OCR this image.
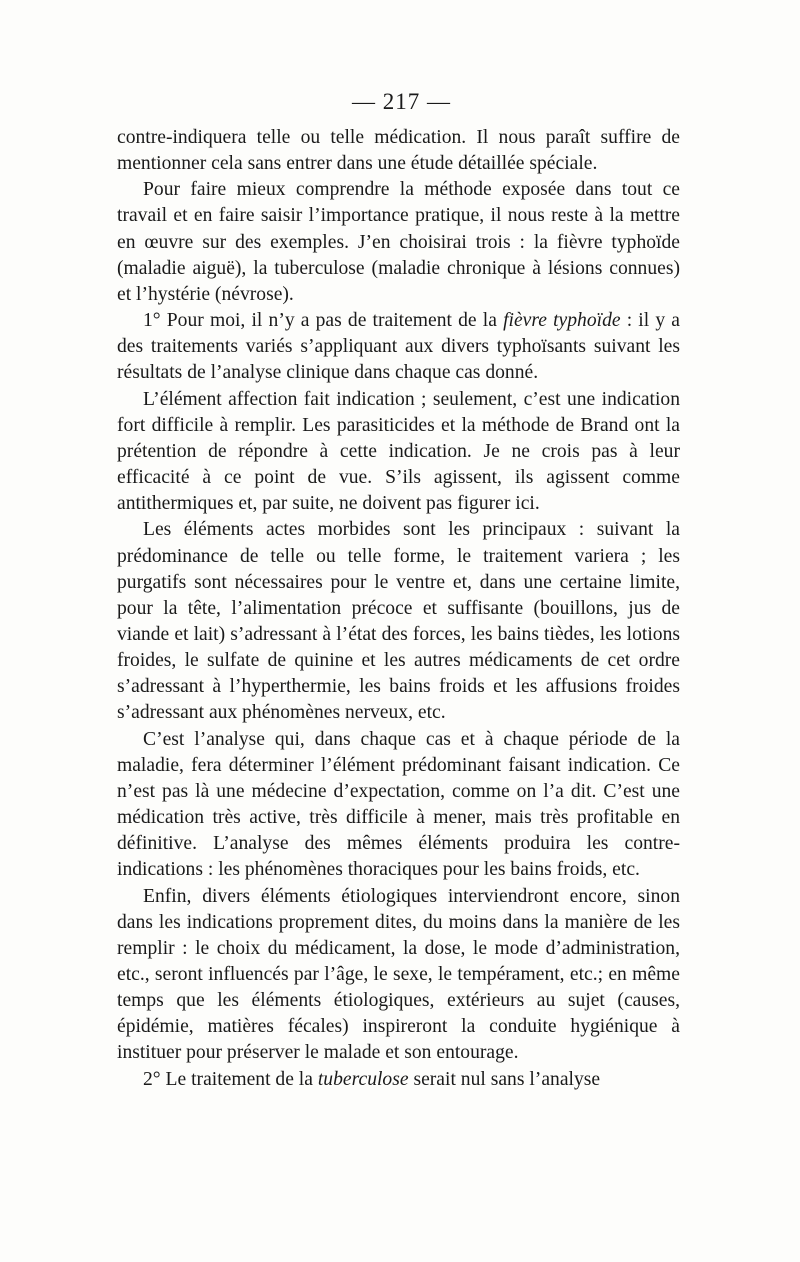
— 217 —

contre-indiquera telle ou telle médication. Il nous paraît suffire de mentionner cela sans entrer dans une étude détaillée spéciale.

Pour faire mieux comprendre la méthode exposée dans tout ce travail et en faire saisir l’importance pratique, il nous reste à la mettre en œuvre sur des exemples. J’en choisirai trois : la fièvre typhoïde (maladie aiguë), la tuberculose (maladie chronique à lésions connues) et l’hystérie (névrose).

1° Pour moi, il n’y a pas de traitement de la fièvre typhoïde : il y a des traitements variés s’appliquant aux divers typhoïsants suivant les résultats de l’analyse clinique dans chaque cas donné.

L’élément affection fait indication ; seulement, c’est une indication fort difficile à remplir. Les parasiticides et la méthode de Brand ont la prétention de répondre à cette indication. Je ne crois pas à leur efficacité à ce point de vue. S’ils agissent, ils agissent comme antithermiques et, par suite, ne doivent pas figurer ici.

Les éléments actes morbides sont les principaux : suivant la prédominance de telle ou telle forme, le traitement variera ; les purgatifs sont nécessaires pour le ventre et, dans une certaine limite, pour la tête, l’alimentation précoce et suffisante (bouillons, jus de viande et lait) s’adressant à l’état des forces, les bains tièdes, les lotions froides, le sulfate de quinine et les autres médicaments de cet ordre s’adressant à l’hyperthermie, les bains froids et les affusions froides s’adressant aux phénomènes nerveux, etc.

C’est l’analyse qui, dans chaque cas et à chaque période de la maladie, fera déterminer l’élément prédominant faisant indication. Ce n’est pas là une médecine d’expectation, comme on l’a dit. C’est une médication très active, très difficile à mener, mais très profitable en définitive. L’analyse des mêmes éléments produira les contre-indications : les phénomènes thoraciques pour les bains froids, etc.

Enfin, divers éléments étiologiques interviendront encore, sinon dans les indications proprement dites, du moins dans la manière de les remplir : le choix du médicament, la dose, le mode d’administration, etc., seront influencés par l’âge, le sexe, le tempérament, etc.; en même temps que les éléments étiologiques, extérieurs au sujet (causes, épidémie, matières fécales) inspireront la conduite hygiénique à instituer pour préserver le malade et son entourage.

2° Le traitement de la tuberculose serait nul sans l’analyse
